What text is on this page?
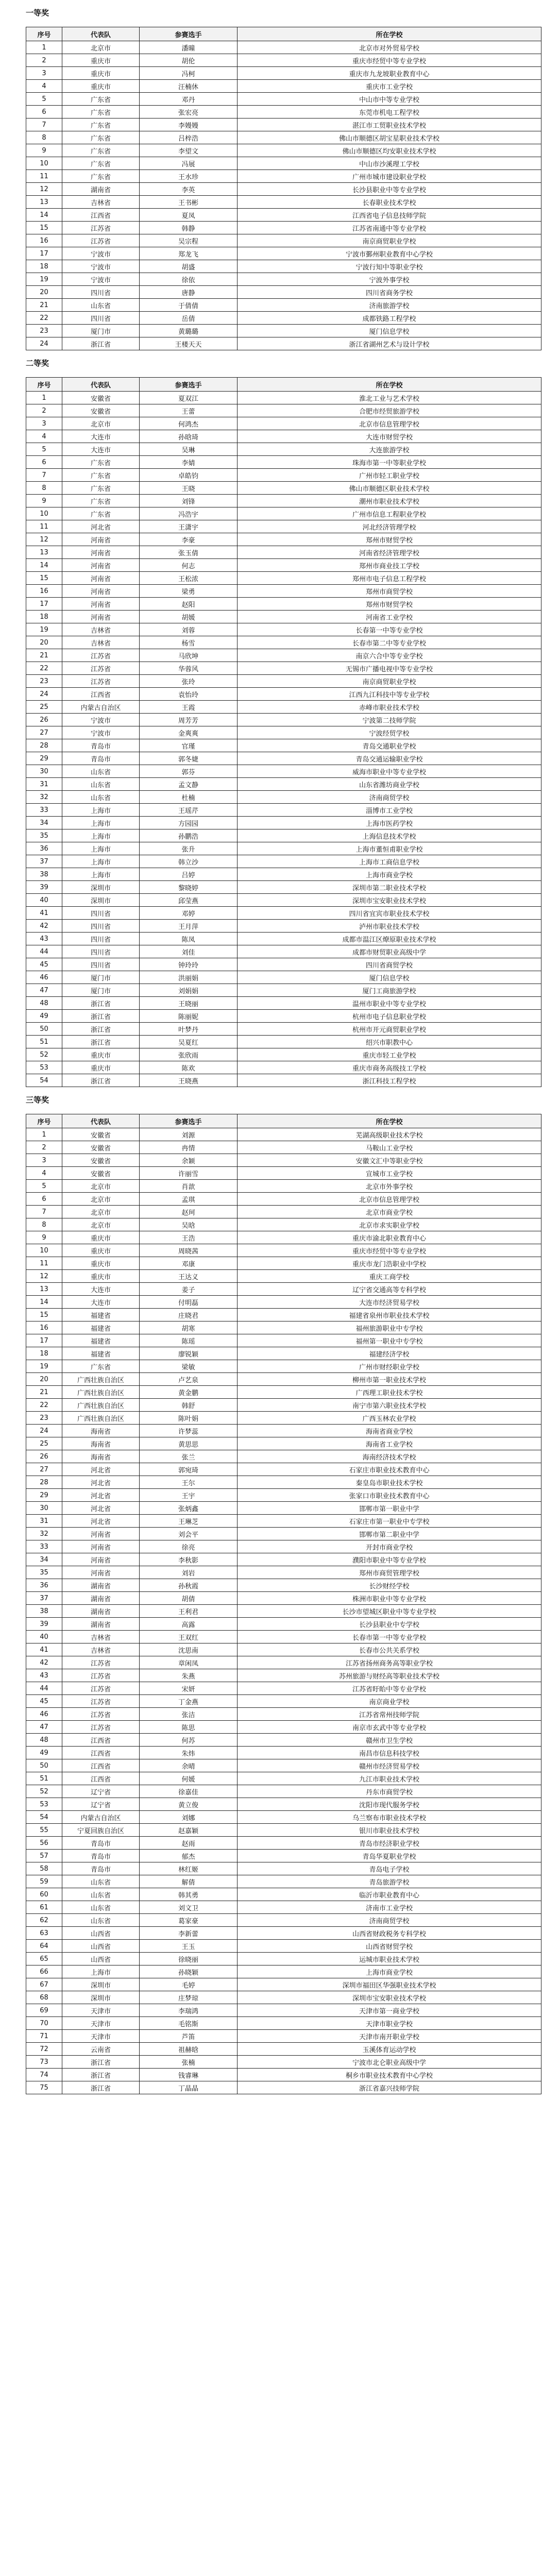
一等奖
序号	代表队	参赛选手	所在学校
1	北京市	潘曈	北京市对外贸易学校
2	重庆市	胡伦	重庆市经贸中等专业学校
3	重庆市	冯柯	重庆市九龙坡职业教育中心
4	重庆市	汪楠休	重庆市工业学校
5	广东省	邓丹	中山市中等专业学校
6	广东省	张宏亮	东莞市机电工程学校
7	广东省	李嫚嫚	湛江市工贸职业技术学校
8	广东省	吕梓浩	佛山市顺德区胡宝星职业技术学校
9	广东省	李望文	佛山市顺德区均安职业技术学校
10	广东省	冯展	中山市沙溪理工学校
11	广东省	王水珍	广州市城市建设职业学校
12	湖南省	李英	长沙县职业中等专业学校
13	吉林省	王书彬	长春职业技术学校
14	江西省	夏凤	江西省电子信息技师学院
15	江苏省	韩静	江苏省南通中等专业学校
16	江苏省	吴宗程	南京商贸职业学校
17	宁波市	郑龙飞	宁波市鄞州职业教育中心学校
18	宁波市	胡盛	宁波行知中等职业学校
19	宁波市	徐依	宁波外事学校
20	四川省	唐静	四川省商务学校
21	山东省	于倩倩	济南旅游学校
22	四川省	岳倩	成都铁路工程学校
23	厦门市	黄璐璐	厦门信息学校
24	浙江省	王楼天天	浙江省湖州艺术与设计学校
二等奖
序号	代表队	参赛选手	所在学校
1	安徽省	夏双江	淮北工业与艺术学校
2	安徽省	王蕾	合肥市经贸旅游学校
3	北京市	何鸿杰	北京市信息管理学校
4	大连市	孙晗琦	大连市财贸学校
5	大连市	吴琳	大连旅游学校
6	广东省	李婧	珠海市第一中等职业学校
7	广东省	卓皓钧	广州市轻工职业学校
8	广东省	王晓	佛山市顺德区职业技术学校
9	广东省	刘锋	潮州市职业技术学校
10	广东省	冯浩宇	广州市信息工程职业学校
11	河北省	王潇宇	河北经济管理学校
12	河南省	李豪	郑州市财贸学校
13	河南省	张玉倩	河南省经济管理学校
14	河南省	何志	郑州市商业技工学校
15	河南省	王松浓	郑州市电子信息工程学校
16	河南省	梁勇	郑州市商贸学校
17	河南省	赵阳	郑州市财贸学校
18	河南省	胡媛	河南省工业学校
19	吉林省	刘蓉	长春第一中等专业学校
20	吉林省	杨雪	长春市第二中等专业学校
21	江苏省	马欣坤	南京六合中等专业学校
22	江苏省	华蓉风	无锡市广播电视中等专业学校
23	江苏省	张玲	南京商贸职业学校
24	江西省	袁怡玲	江西九江科技中等专业学校
25	内蒙古自治区	王霞	赤峰市职业技术学校
26	宁波市	周芳芳	宁波第二技师学院
27	宁波市	金爽爽	宁波经贸学校
28	青岛市	官瑾	青岛交通职业学校
29	青岛市	郭冬婕	青岛交通运输职业学校
30	山东省	郭芬	威海市职业中等专业学校
31	山东省	孟文静	山东省潍坊商业学校
32	山东省	杜楠	济南商贸学校
33	上海市	王瑶芹	淄博市工业学校
34	上海市	方园园	上海市医药学校
35	上海市	孙鹏浩	上海信息技术学校
36	上海市	张升	上海市董恒甫职业学校
37	上海市	韩立沙	上海市工商信息学校
38	上海市	吕婷	上海市商业学校
39	深圳市	黎晓婷	深圳市第二职业技术学校
40	深圳市	邱莹燕	深圳市宝安职业技术学校
41	四川省	邓婷	四川省宜宾市职业技术学校
42	四川省	王月萍	泸州市职业技术学校
43	四川省	陈凤	成都市温江区燎原职业技术学校
44	四川省	刘佳	成都市财贸职业高级中学
45	四川省	钟玲玲	四川省商贸学校
46	厦门市	洪丽娟	厦门信息学校
47	厦门市	刘娟娟	厦门工商旅游学校
48	浙江省	王晓丽	温州市职业中等专业学校
49	浙江省	陈丽妮	杭州市电子信息职业学校
50	浙江省	叶梦丹	杭州市开元商贸职业学校
51	浙江省	吴夏红	绍兴市职教中心
52	重庆市	张欣雨	重庆市轻工业学校
53	重庆市	陈欢	重庆市商务高级技工学校
54	浙江省	王晓燕	浙江科技工程学校
三等奖
序号	代表队	参赛选手	所在学校
1	安徽省	刘源	芜湖高级职业技术学校
2	安徽省	冉情	马鞍山工业学校
3	安徽省	余颖	安徽文汇中等职业学校
4	安徽省	许丽雪	宣城市工业学校
5	北京市	肖歆	北京市外事学校
6	北京市	孟琪	北京市信息管理学校
7	北京市	赵珂	北京市商业学校
8	北京市	吴晗	北京市求实职业学校
9	重庆市	王浩	重庆市渝北职业教育中心
10	重庆市	周晓茜	重庆市经贸中等专业学校
11	重庆市	邓康	重庆市龙门浩职业中学校
12	重庆市	王达义	重庆工商学校
13	大连市	姜子	辽宁省交通高等专科学校
14	大连市	付明磊	大连市经济贸易学校
15	福建省	庄晓君	福建省泉州市职业技术学校
16	福建省	胡寒	福州旅游职业中专学校
17	福建省	陈瑶	福州第一职业中专学校
18	福建省	廖锐颖	福建经济学校
19	广东省	梁敏	广州市财经职业学校
20	广西壮族自治区	卢艺泉	柳州市第一职业技术学校
21	广西壮族自治区	黄金鹏	广西理工职业技术学校
22	广西壮族自治区	韩舒	南宁市第六职业技术学校
23	广西壮族自治区	陈叶娟	广西玉林农业学校
24	海南省	许梦蕊	海南省商业学校
25	海南省	黄思思	海南省工业学校
26	海南省	张兰	海南经济技术学校
27	河北省	郭宛琦	石家庄市职业技术教育中心
28	河北省	王尔	秦皇岛市职业技术学校
29	河北省	王宇	张家口市职业技术教育中心
30	河北省	张炳鑫	邯郸市第一职业中学
31	河北省	王琳芝	石家庄市第一职业中专学校
32	河南省	刘会平	邯郸市第二职业中学
33	河南省	徐亮	开封市商业学校
34	河南省	李秋影	濮阳市职业中等专业学校
35	河南省	刘岩	郑州市商贸管理学校
36	湖南省	孙秋霞	长沙财经学校
37	湖南省	胡倩	株洲市职业中等专业学校
38	湖南省	王利君	长沙市望城区职业中等专业学校
39	湖南省	高露	长沙县职业中专学校
40	吉林省	王双红	长春市第一中等专业学校
41	吉林省	沈思南	长春市公共关系学校
42	江苏省	章闲凤	江苏省扬州商务高等职业学校
43	江苏省	朱燕	苏州旅游与财经高等职业技术学校
44	江苏省	宋妍	江苏省盱眙中等专业学校
45	江苏省	丁金燕	南京商业学校
46	江苏省	张洁	江苏省常州技师学院
47	江苏省	陈思	南京市玄武中等专业学校
48	江西省	何苏	赣州市卫生学校
49	江西省	朱炜	南昌市信息科技学校
50	江西省	余晴	赣州市经济贸易学校
51	江西省	何媛	九江市职业技术学校
52	辽宁省	徐嘉佳	丹东市商贸学校
53	辽宁省	黄立俊	沈阳市现代服务学校
54	内蒙古自治区	刘娜	乌兰察布市职业技术学校
55	宁夏回族自治区	赵嘉颖	银川市职业技术学校
56	青岛市	赵雨	青岛市经济职业学校
57	青岛市	郁杰	青岛华夏职业学校
58	青岛市	林红姬	青岛电子学校
59	山东省	解倩	青岛旅游学校
60	山东省	韩其勇	临沂市职业教育中心
61	山东省	刘文卫	济南市工业学校
62	山东省	葛家豪	济南商贸学校
63	山西省	李新蕾	山西省财政税务专科学校
64	山西省	王玉	山西省财贸学校
65	山西省	徐晓丽	运城市职业技术学校
66	上海市	孙晓颖	上海市商业学校
67	深圳市	毛婷	深圳市福田区华强职业技术学校
68	深圳市	庄梦琼	深圳市宝安职业技术学校
69	天津市	李瑞鸿	天津市第一商业学校
70	天津市	毛铭斯	天津市职业学校
71	天津市	芦笛	天津市南开职业学校
72	云南省	祖赫晗	玉溪体育运动学校
73	浙江省	张楠	宁波市北仑职业高级中学
74	浙江省	钱睿琳	桐乡市职业技术教育中心学校
75	浙江省	丁晶晶	浙江省嘉兴技师学院
